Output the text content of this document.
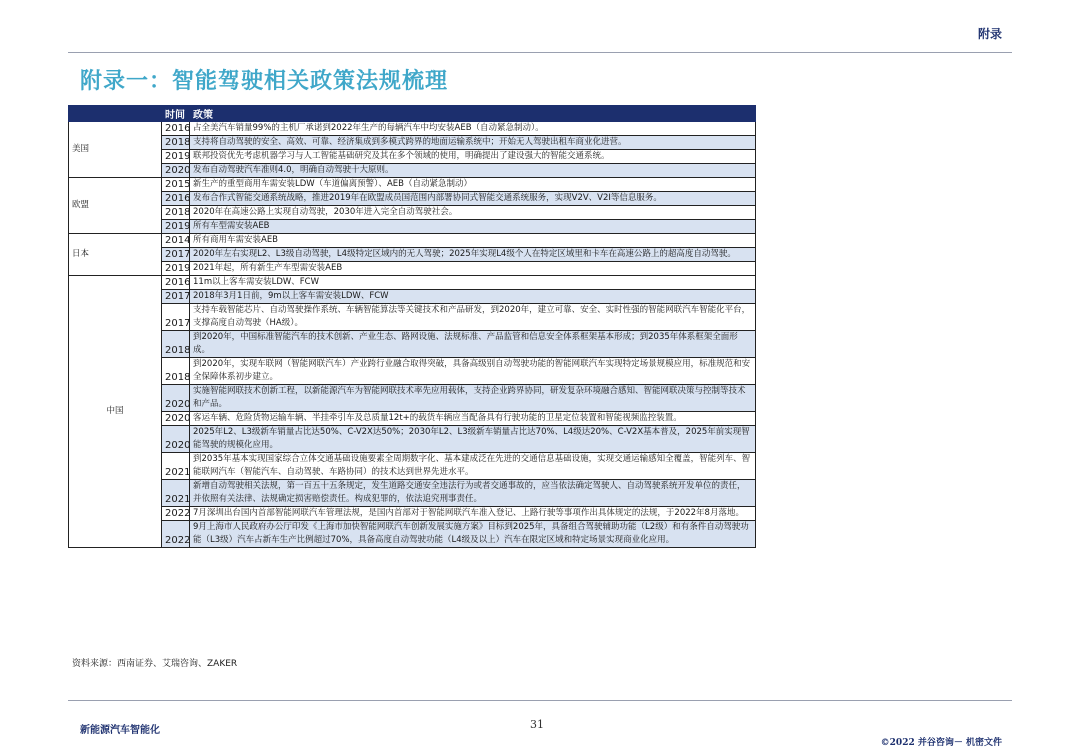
附录
附录一：智能驾驶相关政策法规梳理
	时间	政策
美国	2016	占全美汽车销量99%的主机厂承诺到2022年生产的每辆汽车中均安装AEB（自动紧急制动）。
	2018	支持将自动驾驶的安全、高效、可靠、经济集成到多模式跨界的地面运输系统中；开始无人驾驶出租车商业化进营。
	2019	联邦投资优先考虑机器学习与人工智能基础研究及其在多个领域的使用，明确提出了建设强大的智能交通系统。
	2020	发布自动驾驶汽车准则4.0，明确自动驾驶十大原则。
欧盟	2015	新生产的重型商用车需安装LDW（车道偏离预警）、AEB（自动紧急制动）
	2016	发布合作式智能交通系统战略，推进2019年在欧盟成员国范围内部署协同式智能交通系统服务，实现V2V、V2I等信息服务。
	2018	2020年在高速公路上实现自动驾驶，2030年进入完全自动驾驶社会。
	2019	所有车型需安装AEB
日本	2014	所有商用车需安装AEB
	2017	2020年左右实现L2、L3级自动驾驶，L4级特定区域内的无人驾驶；2025年实现L4级个人在特定区域里和卡车在高速公路上的超高度自动驾驶。
	2019	2021年起，所有新生产车型需安装AEB
中国	2016	11m以上客车需安装LDW、FCW
	2017	2018年3月1日前，9m以上客车需安装LDW、FCW
	2017	支持车载智能芯片、自动驾驶操作系统、车辆智能算法等关键技术和产品研发，到2020年，建立可靠、安全、实时性强的智能网联汽车智能化平台，支撑高度自动驾驶（HA级）。
	2018	到2020年，中国标准智能汽车的技术创新、产业生态、路网设施、法规标准、产品监管和信息安全体系框架基本形成；到2035年体系框架全面形成。
	2018	到2020年，实现车联网（智能网联汽车）产业跨行业融合取得突破，具备高级别自动驾驶功能的智能网联汽车实现特定场景规模应用，标准规范和安全保障体系初步建立。
	2020	实施智能网联技术创新工程，以新能源汽车为智能网联技术率先应用载体，支持企业跨界协同，研发复杂环境融合感知、智能网联决策与控制等技术和产品。
	2020	客运车辆、危险货物运输车辆、半挂牵引车及总质量12t+的载货车辆应当配备具有行驶功能的卫星定位装置和智能视频监控装置。
	2020	2025年L2、L3级新车销量占比达50%、C-V2X达50%；2030年L2、L3级新车销量占比达70%、L4级达20%、C-V2X基本普及，2025年前实现智能驾驶的规模化应用。
	2021	到2035年基本实现国家综合立体交通基础设施要素全周期数字化、基本建成泛在先进的交通信息基础设施，实现交通运输感知全覆盖，智能列车、智能联网汽车（智能汽车、自动驾驶、车路协同）的技术达到世界先进水平。
	2021	新增自动驾驶相关法规，第一百五十五条规定，发生道路交通安全违法行为或者交通事故的，应当依法确定驾驶人、自动驾驶系统开发单位的责任，并依照有关法律、法规确定损害赔偿责任。构成犯罪的，依法追究刑事责任。
	2022	7月深圳出台国内首部智能网联汽车管理法规，是国内首部对于智能网联汽车准入登记、上路行驶等事项作出具体规定的法规，于2022年8月落地。
	2022	9月上海市人民政府办公厅印发《上海市加快智能网联汽车创新发展实施方案》目标到2025年，具备组合驾驶辅助功能（L2级）和有条件自动驾驶功能（L3级）汽车占新车生产比例超过70%，具备高度自动驾驶功能（L4级及以上）汽车在限定区域和特定场景实现商业化应用。
资料来源：西南证券、艾瑞咨询、ZAKER
新能源汽车智能化	31
©2022 并谷咨询－ 机密文件
